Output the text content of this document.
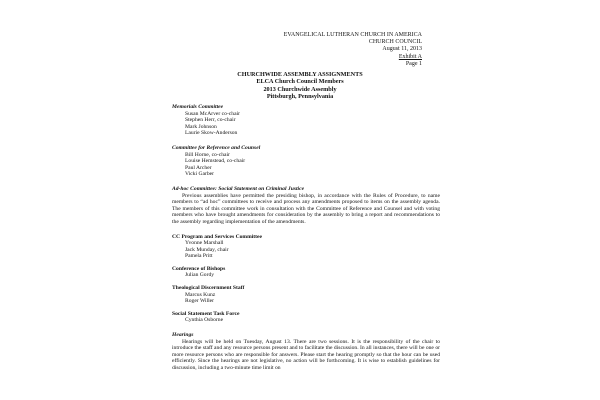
EVANGELICAL LUTHERAN CHURCH IN AMERICA
CHURCH COUNCIL
August 11, 2013
Exhibit A
Page 1
CHURCHWIDE ASSEMBLY ASSIGNMENTS
ELCA Church Council Members
2013 Churchwide Assembly
Pittsburgh, Pennsylvania
Memorials Committee
Susan McArver co-chair
Stephen Herr, co-chair
Mark Johnson
Laurie Skow-Anderson
Committee for Reference and Counsel
Bill Horne, co-chair
Louise Hemstead, co-chair
Paul Archer
Vicki Garber
Ad-hoc Committee: Social Statement on Criminal Justice

Previous assemblies have permitted the presiding bishop, in accordance with the Rules of Procedure, to name members to “ad hoc” committees to receive and process any amendments proposed to items on the assembly agenda. The members of this committee work in consultation with the Committee of Reference and Counsel and with voting members who have brought amendments for consideration by the assembly to bring a report and recommendations to the assembly regarding implementation of the amendments.

CC Program and Services Committee
Yvonne Marshall
Jack Munday, chair
Pamela Pritt
Conference of Bishops
Julian Gordy
Theological Discernment Staff
Marcus Kunz
Roger Willer
Social Statement Task Force
Cynthia Osborne
Hearings

Hearings will be held on Tuesday, August 13. There are two sessions. It is the responsibility of the chair to introduce the staff and any resource persons present and to facilitate the discussion. In all instances, there will be one or more resource persons who are responsible for answers. Please start the hearing promptly so that the hour can be used efficiently. Since the hearings are not legislative, no action will be forthcoming. It is wise to establish guidelines for discussion, including a two-minute time limit on
